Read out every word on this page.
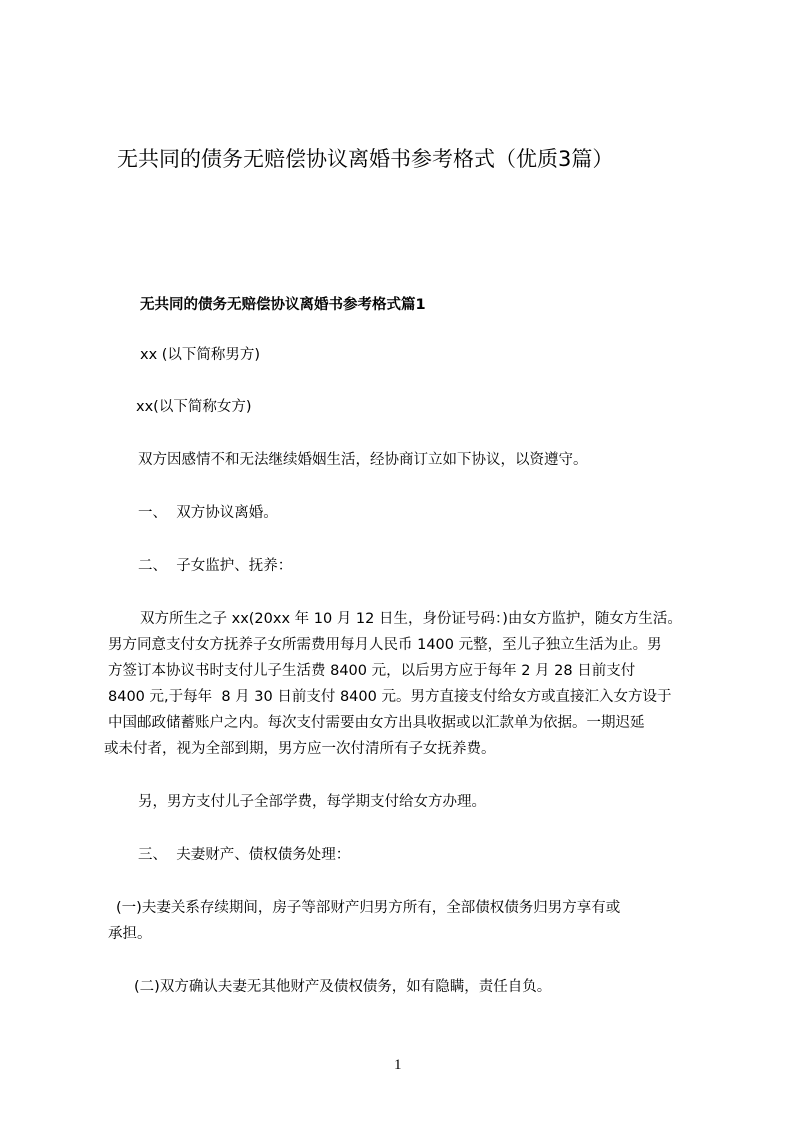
无共同的债务无赔偿协议离婚书参考格式（优质3篇）
无共同的债务无赔偿协议离婚书参考格式篇1
xx (以下简称男方)
xx(以下简称女方)
双方因感情不和无法继续婚姻生活，经协商订立如下协议，以资遵守。
一、  双方协议离婚。
二、  子女监护、抚养：
双方所生之子 xx(20xx 年 10 月 12 日生，身份证号码：)由女方监护，随女方生活。
男方同意支付女方抚养子女所需费用每月人民币 1400 元整，至儿子独立生活为止。男
方签订本协议书时支付儿子生活费 8400 元，以后男方应于每年 2 月 28 日前支付
8400 元,于每年  8 月 30 日前支付 8400 元。男方直接支付给女方或直接汇入女方设于
中国邮政储蓄账户之内。每次支付需要由女方出具收据或以汇款单为依据。一期迟延
或未付者，视为全部到期，男方应一次付清所有子女抚养费。
另，男方支付儿子全部学费，每学期支付给女方办理。
三、  夫妻财产、债权债务处理：
(一)夫妻关系存续期间，房子等部财产归男方所有，全部债权债务归男方享有或
承担。
(二)双方确认夫妻无其他财产及债权债务，如有隐瞒，责任自负。
1
